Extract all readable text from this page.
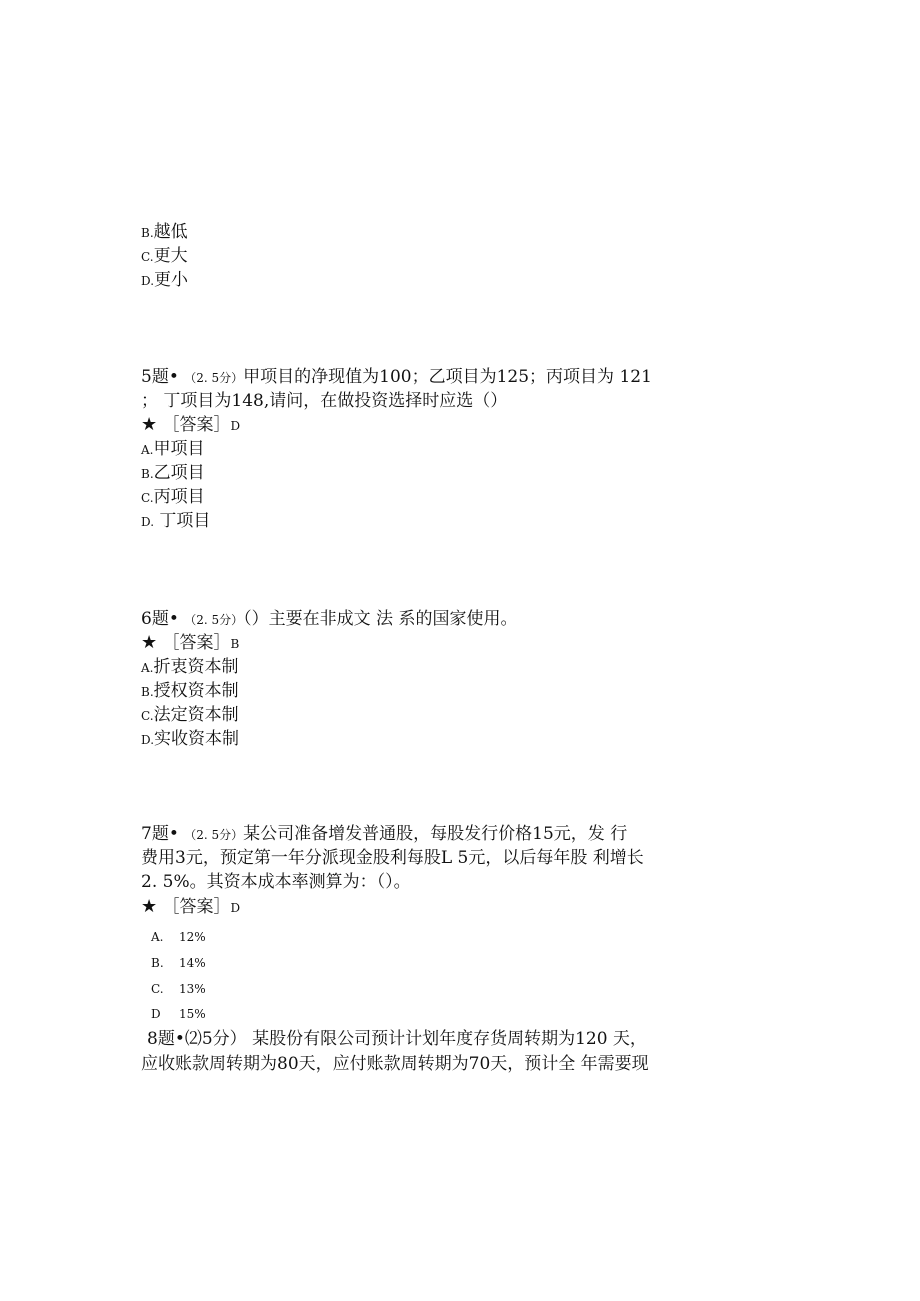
B.越低
C.更大
D.更小
5题• （2. 5分）甲项目的净现值为100；乙项目为125；丙项目为 121
； 丁项目为148,请问，在做投资选择时应选（）
★ ［答案］D
A.甲项目
B.乙项目
C.丙项目
D. 丁项目
6题• （2. 5分）（）主要在非成文 法 系的国家使用。
★ ［答案］B
A.折衷资本制
B.授权资本制
C.法定资本制
D.实收资本制
7题• （2. 5分）某公司准备增发普通股，每股发行价格15元，发 行
费用3元，预定第一年分派现金股利每股L 5元，以后每年股 利增长
2. 5%。其资本成本率测算为：（）。
★ ［答案］D
A. 12%
B. 14%
C. 13%
D 15%
8题•⑵5分） 某股份有限公司预计计划年度存货周转期为120 天，
应收账款周转期为80天，应付账款周转期为70天，预计全 年需要现
